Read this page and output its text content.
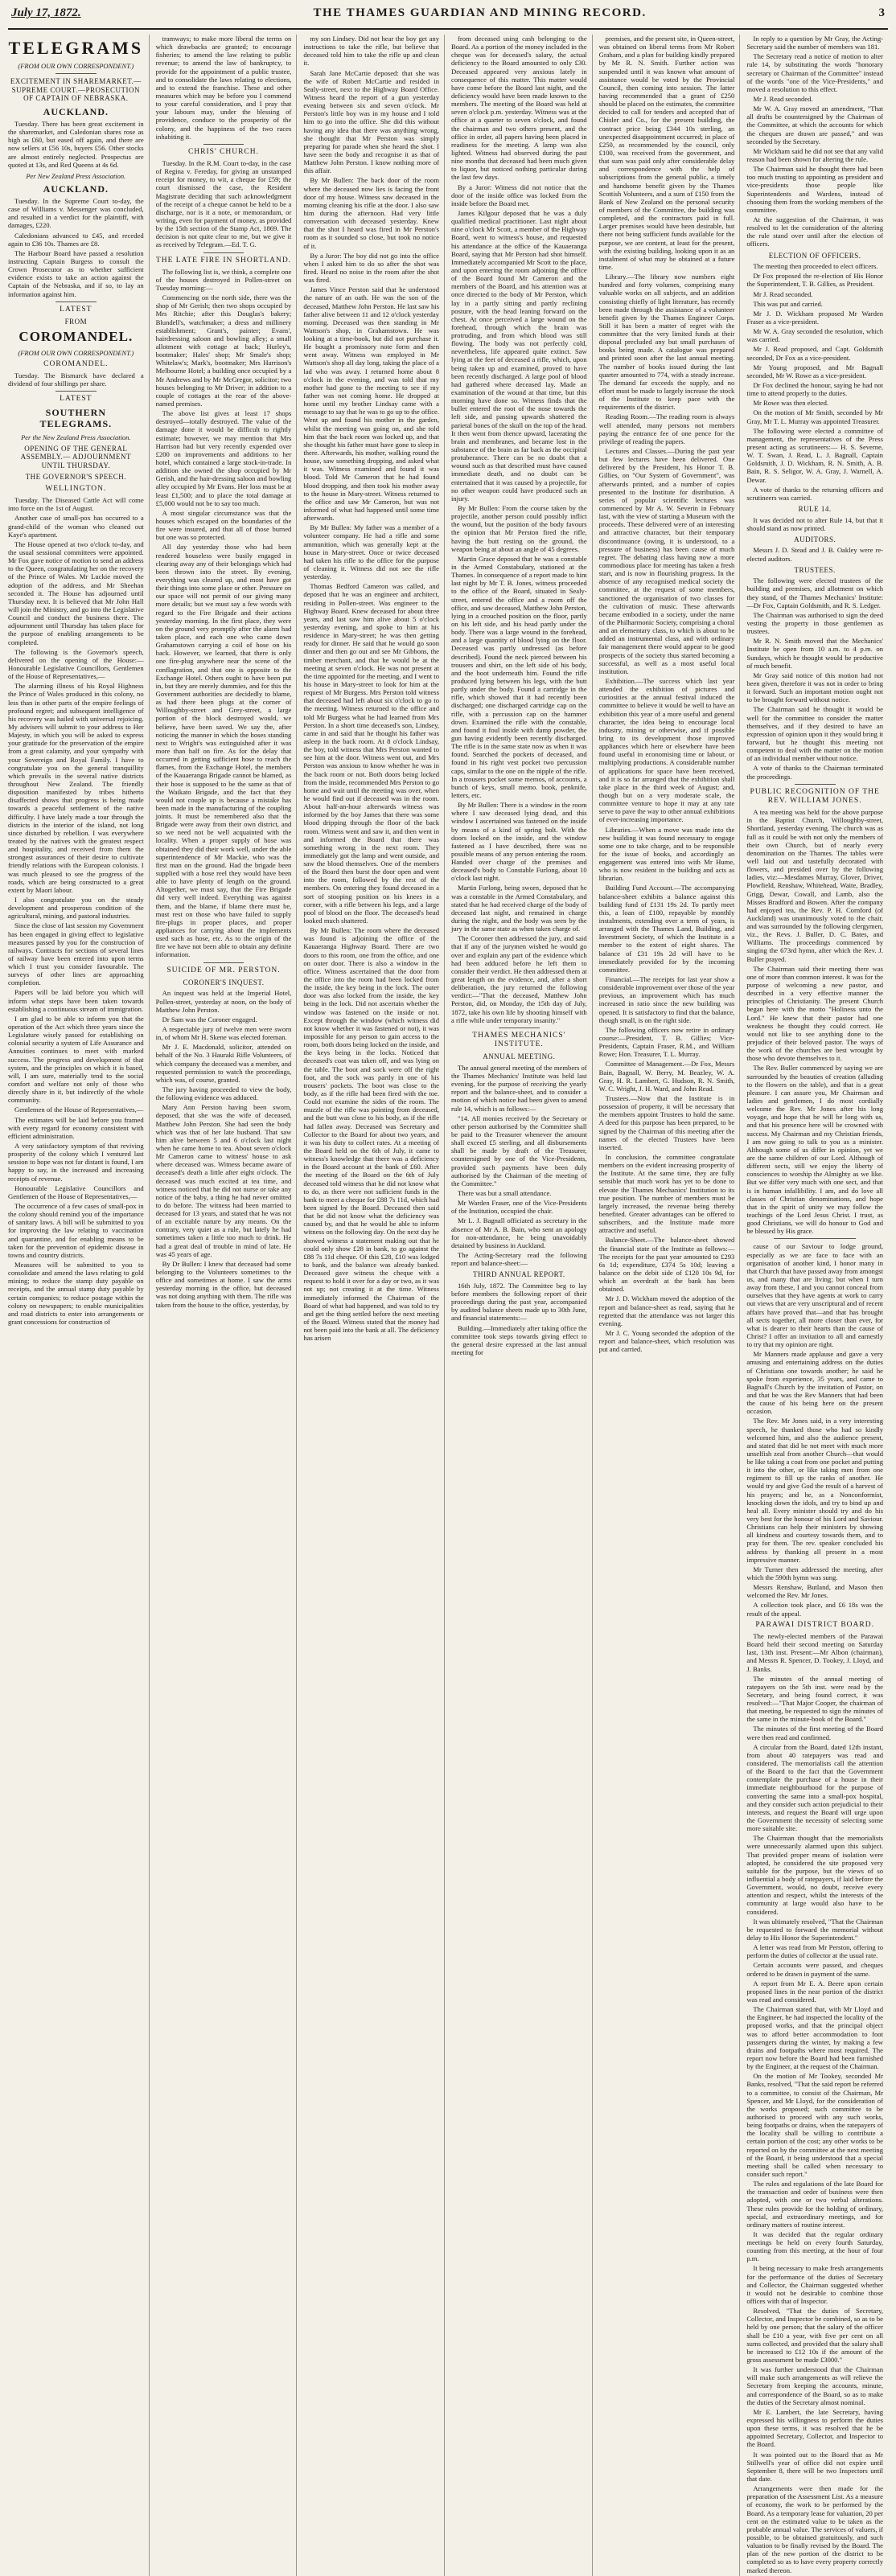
July 17, 1872.	THE THAMES GUARDIAN AND MINING RECORD.	3
TELEGRAMS
(FROM OUR OWN CORRESPONDENT.)
EXCITEMENT IN SHAREMARKET.— SUPREME COURT.—PROSECUTION OF CAPTAIN OF NEBRASKA.
AUCKLAND.

Tuesday. There has been great excitement in the sharemarket, and Caledonian shares rose as high as £60, but eased off again, and there are now sellers at £56 10s, buyers £56. Other stocks are almost entirely neglected. Prospectus are quoted at 13s, and Red Queens at 4s 6d.

Per New Zealand Press Association.
AUCKLAND.

Tuesday. In the Supreme Court to-day, the case of Williams v. Messenger was concluded, and resulted in a verdict for the plaintiff, with damages, £220.

Caledonians advanced to £45, and receded again to £36 10s. Thames are £8.

The Harbour Board have passed a resolution instructing Captain Burgess to consult the Crown Prosecutor as to whether sufficient evidence exists to take an action against the Captain of the Nebraska, and if so, to lay an information against him.

LATEST
FROM
COROMANDEL.
(FROM OUR OWN CORRESPONDENT.)
COROMANDEL.

Tuesday. The Bismarck have declared a dividend of four shillings per share.

LATEST
SOUTHERN TELEGRAMS.
Per the New Zealand Press Association.
OPENING OF THE GENERAL ASSEMBLY.— ADJOURNMENT UNTIL THURSDAY.
THE GOVERNOR'S SPEECH.
WELLINGTON.

Tuesday. The Diseased Cattle Act will come into force on the 1st of August.

Another case of small-pox has occurred to a grand-child of the woman who cleaned out Kaye's apartment.

The House opened at two o'clock to-day, and the usual sessional committees were appointed. Mr Fox gave notice of motion to send an address to the Queen, congratulating her on the recovery of the Prince of Wales. Mr Luckie moved the adoption of the address, and Mr Sheehan seconded it. The House has adjourned until Thursday next. It is believed that Mr John Hall will join the Ministry, and go into the Legislative Council and conduct the business there. The adjournment until Thursday has taken place for the purpose of enabling arrangements to be completed.

The following is the Governor's speech, delivered on the opening of the House:— Honourable Legislative Councillors, Gentlemen of the House of Representatives,—

The alarming illness of his Royal Highness the Prince of Wales produced in this colony, no less than in other parts of the empire feelings of profound regret; and subsequent intelligence of his recovery was hailed with universal rejoicing. My advisers will submit to your address to Her Majesty, in which you will be asked to express your gratitude for the preservation of the empire from a great calamity, and your sympathy with your Sovereign and Royal Family. I have to congratulate you on the general tranquillity which prevails in the several native districts throughout New Zealand. The friendly disposition manifested by tribes hitherto disaffected shows that progress is being made towards a peaceful settlement of the native difficulty. I have lately made a tour through the districts in the interior of the island, not long since disturbed by rebellion. I was everywhere treated by the natives with the greatest respect and hospitality, and received from them the strongest assurances of their desire to cultivate friendly relations with the European colonists. I was much pleased to see the progress of the roads, which are being constructed to a great extent by Maori labour.

I also congratulate you on the steady development and prosperous condition of the agricultural, mining, and pastoral industries.

Since the close of last session my Government has been engaged in giving effect to legislative measures passed by you for the construction of railways. Contracts for sections of several lines of railway have been entered into upon terms which I trust you consider favourable. The surveys of other lines are approaching completion.

Papers will be laid before you which will inform what steps have been taken towards establishing a continuous stream of immigration.

I am glad to be able to inform you that the operation of the Act which three years since the Legislature wisely passed for establishing on colonial security a system of Life Assurance and Annuities continues to meet with marked success. The progress and development of that system, and the principles on which it is based, will, I am sure, materially tend to the social comfort and welfare not only of those who directly share in it, but indirectly of the whole community.

Gentlemen of the House of Representatives,—

The estimates will be laid before you framed with every regard for economy consistent with efficient administration.

A very satisfactory symptom of that reviving prosperity of the colony which I ventured last session to hope was not far distant is found, I am happy to say, in the increased and increasing receipts of revenue.

Honourable Legislative Councillors and Gentlemen of the House of Representatives,—

The occurrence of a few cases of small-pox in the colony should remind you of the importance of sanitary laws. A bill will be submitted to you for improving the law relating to vaccination and quarantine, and for enabling means to be taken for the prevention of epidemic disease in towns and country districts.

Measures will be submitted to you to consolidate and amend the laws relating to gold mining; to reduce the stamp duty payable on receipts, and the annual stamp duty payable by certain companies; to reduce postage within the colony on newspapers; to enable municipalities and road districts to enter into arrangements or grant concessions for construction of

tramways; to make more liberal the terms on which drawbacks are granted; to encourage fisheries; to amend the law relating to public revenue; to amend the law of bankruptcy, to provide for the appointment of a public trustee, and to consolidate the laws relating to elections, and to extend the franchise. These and other measures which may be before you I commend to your careful consideration, and I pray that your labours may, under the blessing of providence, conduce to the prosperity of the colony, and the happiness of the two races inhabiting it.

CHRIS' CHURCH.

Tuesday. In the R.M. Court to-day, in the case of Regina v. Fereday, for giving an unstamped receipt for money, to wit, a cheque for £59; the court dismissed the case, the Resident Magistrate deciding that such acknowledgment of the receipt of a cheque cannot be held to be a discharge, nor is it a note, or memorandum, or writing, even for payment of money, as provided by the 15th section of the Stamp Act, 1869. The decision is not quite clear to me, but we give it as received by Telegram.—Ed. T. G.

THE LATE FIRE IN SHORTLAND.

The following list is, we think, a complete one of the houses destroyed in Pollen-street on Tuesday morning:—

Commencing on the north side, there was the shop of Mr Gerish; then two shops occupied by Mrs Ritchie; after this Douglas's bakery; Blundell's, watchmaker; a dress and millinery establishment; Grant's, painter; Evans', hairdressing saloon and bowling alley; a small allotment with cottage at back; Hurley's, bootmaker; Hales' shop; Mr Smale's shop; Whitelaw's; Mark's, bootmaker; Mrs Harrison's Melbourne Hotel; a building once occupied by a Mr Andrews and by Mr McGregor, solicitor; two houses belonging to Mr Driver; in addition to a couple of cottages at the rear of the above-named premises.

The above list gives at least 17 shops destroyed—totally destroyed. The value of the damage done it would be difficult to rightly estimate; however, we may mention that Mrs Harrison had but very recently expended over £200 on improvements and additions to her hotel, which contained a large stock-in-trade. In addition she owned the shop occupied by Mr Gerish, and the hair-dressing saloon and bowling alley occupied by Mr Evans. Her loss must be at least £1,500; and to place the total damage at £5,000 would not be to say too much.

A most singular circumstance was that the houses which escaped on the boundaries of the fire were insured, and that all of those burned but one was so protected.

All day yesterday those who had been rendered houseless were busily engaged in clearing away any of their belongings which had been thrown into the street. By evening, everything was cleared up, and most have got their things into some place or other. Pressure on our space will not permit of our giving many more details; but we must say a few words with regard to the Fire Brigade and their actions yesterday morning. In the first place, they were on the ground very promptly after the alarm had taken place, and each one who came down Grahamstown carrying a coil of hose on his back. However, we learned, that there is only one fire-plug anywhere near the scene of the conflagration, and that one is opposite to the Exchange Hotel. Others ought to have been put in, but they are merely dummies, and for this the Government authorities are decidedly to blame, as had there been plugs at the corner of Willoughby-street and Grey-street, a large portion of the block destroyed would, we believe, have been saved. We say the, after noticing the manner in which the hoses standing next to Wright's was extinguished after it was more than half on fire. As for the delay that occurred in getting sufficient hose to reach the flames, from the Exchange Hotel, the members of the Kauaeranga Brigade cannot be blamed, as their hose is supposed to be the same as that of the Waikato Brigade, and the fact that they would not couple up is because a mistake has been made in the manufacturing of the coupling joints. It must be remembered also that the Brigade were away from their own district, and so we need not be well acquainted with the locality. When a proper supply of hose was obtained they did their work well, under the able superintendence of Mr Mackie, who was the first man on the ground. Had the brigade been supplied with a hose reel they would have been able to have plenty of length on the ground. Altogether, we must say, that the Fire Brigade did very well indeed. Everything was against them, and the blame, if blame there must be, must rest on those who have failed to supply fire-plugs in proper places, and proper appliances for carrying about the implements used such as hose, etc. As to the origin of the fire we have not been able to obtain any definite information.

SUICIDE OF MR. PERSTON.
CORONER'S INQUEST.

An inquest was held at the Imperial Hotel, Pollen-street, yesterday at noon, on the body of Matthew John Perston.

Dr Sam was the Coroner engaged.

A respectable jury of twelve men were sworn in, of whom Mr H. Skene was elected foreman.

Mr J. E. Macdonald, solicitor, attended on behalf of the No. 3 Hauraki Rifle Volunteers, of which company the deceased was a member, and requested permission to watch the proceedings, which was, of course, granted.

The jury having proceeded to view the body, the following evidence was adduced.

Mary Ann Perston having been sworn, deposed, that she was the wife of deceased, Matthew John Perston. She had seen the body which was that of her late husband. That saw him alive between 5 and 6 o'clock last night when he came home to tea. About seven o'clock Mr Cameron came to witness' house to ask where deceased was. Witness became aware of deceased's death a little after eight o'clock. The deceased was much excited at tea time, and witness noticed that he did not nurse or take any notice of the baby, a thing he had never omitted to do before. The witness had been married to deceased for 13 years, and stated that he was not of an excitable nature by any means. On the contrary, very quiet as a rule, but lately he had sometimes taken a little too much to drink. He had a great deal of trouble in mind of late. He was 45 years of age.

By Dr Bullen: I knew that deceased had some belonging to the Volunteers sometimes to the office and sometimes at home. I saw the arms yesterday morning in the office, but deceased was not doing anything with them. The rifle was taken from the house to the office, yesterday, by

my son Lindsey. Did not hear the boy get any instructions to take the rifle, but believe that deceased told him to take the rifle up and clean it.

Sarah Jane McCartie deposed: that she was the wife of Robert McCartie and resided in Sealy-street, next to the Highway Board Office. Witness heard the report of a gun yesterday evening between six and seven o'clock. Mr Perston's little boy was in my house and I told him to go into the office. She did this without having any idea that there was anything wrong, she thought that Mr Perston was simply preparing for parade when she heard the shot. I have seen the body and recognise it as that of Matthew John Perston. I know nothing more of this affair.

By Mr Bullen: The back door of the room where the deceased now lies is facing the front door of my house. Witness saw deceased in the morning cleaning his rifle at the door. I also saw him during the afternoon. Had very little conversation with deceased yesterday. Knew that the shot I heard was fired in Mr Perston's room as it sounded so close, but took no notice of it.

By a Juror: The boy did not go into the office when I asked him to do so after the shot was fired. Heard no noise in the room after the shot was fired.

James Vince Perston said that he understood the nature of an oath. He was the son of the deceased, Matthew John Perston. He last saw his father alive between 11 and 12 o'clock yesterday morning. Deceased was then standing in Mr Wattson's shop, in Grahamstown. He was looking at a time-book, but did not purchase it. He bought a promissory note form and then went away. Witness was employed in Mr Wattson's shop all day long, taking the place of a lad who was away. I returned home about 8 o'clock in the evening, and was told that my mother had gone to the meeting to see if my father was not coming home. He dropped at home until my brother Lindsay came with a message to say that he was to go up to the office. Went up and found his mother in the garden, whilst the meeting was going on, and she told him that the back room was locked up, and that she thought his father must have gone to sleep in there. Afterwards, his mother, walking round the house, saw something dropping, and asked what it was. Witness examined and found it was blood. Told Mr Cameron that he had found blood dropping, and then took his mother away to the house in Mary-street. Witness returned to the office and saw Mr Cameron, but was not informed of what had happened until some time afterwards.

By Mr Bullen: My father was a member of a volunteer company. He had a rifle and some ammunition, which was generally kept at the house in Mary-street. Once or twice deceased had taken his rifle to the office for the purpose of cleaning it. Witness did not see the rifle yesterday.

Thomas Bedford Cameron was called, and deposed that he was an engineer and architect, residing in Pollen-street. Was engineer to the Highway Board. Knew deceased for about three years, and last saw him alive about 5 o'clock yesterday evening, and spoke to him at his residence in Mary-street; he was then getting ready for dinner. He said that he would go soon dinner and then go out and see Mr Gibbons, the timber merchant, and that he would be at the meeting at seven o'clock. He was not present at the time appointed for the meeting, and I went to his house in Mary-street to look for him at the request of Mr Burgess. Mrs Perston told witness that deceased had left about six o'clock to go to the meeting. Witness returned to the office and told Mr Burgess what he had learned from Mrs Perston. In a short time deceased's son, Lindsey, came in and said that he thought his father was asleep in the back room. At 8 o'clock Lindsay, the boy, told witness that Mrs Perston wanted to see him at the door. Witness went out, and Mrs Perston was anxious to know whether he was in the back room or not. Both doors being locked from the inside, recommended Mrs Perston to go home and wait until the meeting was over, when he would find out if deceased was in the room. About half-an-hour afterwards witness was informed by the boy James that there was some blood dripping through the floor of the back room. Witness went and saw it, and then went in and informed the Board that there was something wrong in the next room. They immediately got the lamp and went outside, and saw the blood themselves. One of the members of the Board then burst the door open and went into the room, followed by the rest of the members. On entering they found deceased in a sort of stooping position on his knees in a corner, with a rifle between his legs, and a large pool of blood on the floor. The deceased's head looked much shattered.

By Mr Bullen: The room where the deceased was found is adjoining the office of the Kauaeranga Highway Board. There are two doors to this room, one from the office, and one on outer door. There is also a window in the office. Witness ascertained that the door from the office into the room had been locked from the inside, the key being in the lock. The outer door was also locked from the inside, the key being in the lock. Did not ascertain whether the window was fastened on the inside or not. Except through the window (which witness did not know whether it was fastened or not), it was impossible for any person to gain access to the room, both doors being locked on the inside, and the keys being in the locks. Noticed that deceased's coat was taken off, and was lying on the table. The boot and sock were off the right foot, and the sock was partly in one of his trousers' pockets. The boot was close to the body, as if the rifle had been fired with the toe. Could not examine the sides of the room. The muzzle of the rifle was pointing from deceased, and the butt was close to his body, as if the rifle had fallen away. Deceased was Secretary and Collector to the Board for about two years, and it was his duty to collect rates. At a meeting of the Board held on the 6th of July, it came to witness's knowledge that there was a deficiency in the Board account at the bank of £60. After the meeting of the Board on the 6th of July deceased told witness that he did not know what to do, as there were not sufficient funds in the bank to meet a cheque for £88 7s 11d, which had been signed by the Board. Deceased then said that he did not know what the deficiency was caused by, and that he would be able to inform witness on the following day. On the next day he showed witness a statement making out that he could only show £28 in bank, to go against the £88 7s 11d cheque. Of this £28, £10 was lodged to bank, and the balance was already banked. Deceased gave witness the cheque with a request to hold it over for a day or two, as it was not up; not creating it at the time. Witness immediately informed the Chairman of the Board of what had happened, and was told to try and get the thing settled before the next meeting of the Board. Witness stated that the money had not been paid into the bank at all. The deficiency has arisen

from deceased using cash belonging to the Board. As a portion of the money included in the cheque was for deceased's salary, the actual deficiency to the Board amounted to only £30. Deceased appeared very anxious lately in consequence of this matter. This matter would have come before the Board last night, and the deficiency would have been made known to the members. The meeting of the Board was held at seven o'clock p.m. yesterday. Witness was at the office at a quarter to seven o'clock, and found the chairman and two others present, and the office in order, all papers having been placed in readiness for the meeting. A lamp was also lighted. Witness had observed during the past nine months that deceased had been much given to liquor, but noticed nothing particular during the last few days.

By a Juror: Witness did not notice that the door of the inside office was locked from the inside before the Board met.

James Kilgour deposed that he was a duly qualified medical practitioner. Last night about nine o'clock Mr Scott, a member of the Highway Board, went to witness's house, and requested his attendance at the office of the Kauaeranga Board, saying that Mr Perston had shot himself. Immediately accompanied Mr Scott to the place, and upon entering the room adjoining the office of the Board found Mr Cameron and the members of the Board, and his attention was at once directed to the body of Mr Perston, which lay in a partly sitting and partly reclining posture, with the head leaning forward on the chest. At once perceived a large wound on the forehead, through which the brain was protruding, and from which blood was still flowing. The body was not perfectly cold, nevertheless, life appeared quite extinct. Saw lying at the feet of deceased a rifle, which, upon being taken up and examined, proved to have been recently discharged. A large pool of blood had gathered where deceased lay. Made an examination of the wound at that time, but this morning have done so. Witness finds that the bullet entered the root of the nose towards the left side, and passing upwards shattered the parietal bones of the skull on the top of the head. It then went from thence upward, lacerating the brain and membranes, and became lost in the substance of the brain as far back as the occipital protuberance. There can be no doubt that a wound such as that described must have caused immediate death, and no doubt can be entertained that it was caused by a projectile, for no other weapon could have produced such an injury.

By Mr Bullen: From the course taken by the projectile, another person could possibly inflict the wound, but the position of the body favours the opinion that Mr Perston fired the rifle, having the butt resting on the ground, the weapon being at about an angle of 45 degrees.

Martin Grace deposed that he was a constable in the Armed Constabulary, stationed at the Thames. In consequence of a report made to him last night by Mr T. B. Jones, witness proceeded to the office of the Board, situated in Sealy-street, entered the office and a room off the office, and saw deceased, Matthew John Perston, lying in a crouched position on the floor, partly on his left side, and his head partly under the body. There was a large wound in the forehead, and a large quantity of blood lying on the floor. Deceased was partly undressed (as before described). Found the neck pierced between his trousers and shirt, on the left side of his body, and the boot underneath him. Found the rifle produced lying between his legs, with the butt partly under the body. Found a cartridge in the rifle, which showed that it had recently been discharged; one discharged cartridge cap on the rifle, with a percussion cap on the hammer down. Examined the rifle with the constable, and found it foul inside with damp powder, the gun having evidently been recently discharged. The rifle is in the same state now as when it was found. Searched the pockets of deceased, and found in his right vest pocket two percussion caps, similar to the one on the nipple of the rifle. In a trousers pocket some memos, of accounts, a bunch of keys, small memo. book, penknife, letters, etc.

By Mr Bullen: There is a window in the room where I saw deceased lying dead, and this window I ascertained was fastened on the inside by means of a kind of spring bolt. With the doors locked on the inside, and the window fastened as I have described, there was no possible means of any person entering the room. Handed over charge of the premises and deceased's body to Constable Furlong, about 10 o'clock last night.

Martin Furlong, being sworn, deposed that he was a constable in the Armed Constabulary, and stated that he had received charge of the body of deceased last night, and remained in charge during the night, and the body was seen by the jury in the same state as when taken charge of.

The Coroner then addressed the jury, and said that if any of the jurymen wished he would go over and explain any part of the evidence which had been adduced before he left them to consider their verdict. He then addressed them at great length on the evidence, and, after a short deliberation, the jury returned the following verdict:—"That the deceased, Matthew John Perston, did, on Monday, the 15th day of July, 1872, take his own life by shooting himself with a rifle while under temporary insanity."

THAMES MECHANICS' INSTITUTE.
ANNUAL MEETING.

The annual general meeting of the members of the Thames Mechanics' Institute was held last evening, for the purpose of receiving the yearly report and the balance-sheet, and to consider a motion of which notice had been given to amend rule 14, which is as follows:—

"14. All monies received by the Secretary or other person authorised by the Committee shall be paid to the Treasurer whenever the amount shall exceed £5 sterling, and all disbursements shall be made by draft of the Treasurer, countersigned by one of the Vice-Presidents, provided such payments have been duly authorised by the Chairman of the meeting of the Committee."

There was but a small attendance.

Mr Warden Fraser, one of the Vice-Presidents of the Institution, occupied the chair.

Mr L. J. Bagnall officiated as secretary in the absence of Mr A. B. Bain, who sent an apology for non-attendance, he being unavoidably detained by business in Auckland.

The Acting-Secretary read the following report and balance-sheet:—

THIRD ANNUAL REPORT.

16th July, 1872. The Committee beg to lay before members the following report of their proceedings during the past year, accompanied by audited balance sheets made up to 30th June, and financial statements:—

Building.—Immediately after taking office the committee took steps towards giving effect to the general desire expressed at the last annual meeting for

premises, and the present site, in Queen-street, was obtained on liberal terms from Mr Robert Graham, and a plan for building kindly prepared by Mr R. N. Smith. Further action was suspended until it was known what amount of assistance would be voted by the Provincial Council, then coming into session. The latter having recommended that a grant of £250 should be placed on the estimates, the committee decided to call for tenders and accepted that of Chisler and Co., for the present building, the contract price being £344 10s sterling, an unexpected disappointment occurred; in place of £250, as recommended by the council, only £100, was received from the government, and that sum was paid only after considerable delay and correspondence with the help of subscriptions from the general public, a timely and handsome benefit given by the Thames Scottish Volunteers, and a sum of £150 from the Bank of New Zealand on the personal security of members of the Committee, the building was completed, and the contractors paid in full. Larger premises would have been desirable, but there not being sufficient funds available for the purpose, we are content, at least for the present, with the existing building, looking upon it as an instalment of what may be obtained at a future time.

Library.—The library now numbers eight hundred and forty volumes, comprising many valuable works on all subjects, and an addition consisting chiefly of light literature, has recently been made through the assistance of a volunteer benefit given by the Thames Engineer Corps. Still it has been a matter of regret with the committee that the very limited funds at their disposal precluded any but small purchases of books being made. A catalogue was prepared and printed soon after the last annual meeting. The number of books issued during the last quarter amounted to 774, with a steady increase. The demand far exceeds the supply, and no effort must be made to largely increase the stock of the Institute to keep pace with the requirements of the district.

Reading Room.—The reading room is always well attended, many persons not members paying the entrance fee of one pence for the privilege of reading the papers.

Lectures and Classes.—During the past year but few lectures have been delivered. One delivered by the President, his Honor T. B. Gillies, on "Our System of Government", was afterwards printed, and a number of copies presented to the Institute for distribution. A series of popular scientific lectures was commenced by Mr A. W. Severin in February last, with the view of starting a Museum with the proceeds. These delivered were of an interesting and attractive character, but their temporary discontinuance (owing, it is understood, to a pressure of business) has been cause of much regret. The debating class having now a more commodious place for meeting has taken a fresh start, and is now in flourishing progress. In the absence of any recognised medical society the committee, at the request of some members, sanctioned the organisation of two classes for the cultivation of music. These afterwards became embodied in a society, under the name of the Philharmonic Society, comprising a choral and an elementary class, to which is about to be added an instrumental class, and with ordinary fair management there would appear to be good prospects of the society thus started becoming a successful, as well as a most useful local institution.

Exhibition.—The success which last year attended the exhibition of pictures and curiosities at the annual festival induced the committee to believe it would be well to have an exhibition this year of a more useful and general character, the idea being to encourage local industry, mining or otherwise, and if possible bring to its development those improved appliances which here or elsewhere have been found useful in economising time or labour, or multiplying productions. A considerable number of applications for space have been received, and it is so far arranged that the exhibition shall take place in the third week of August; and, though but on a very moderate scale, the committee venture to hope it may at any rate serve to pave the way to other annual exhibitions of ever-increasing importance.

Libraries.—When a move was made into the new building it was found necessary to engage some one to take charge, and to be responsible for the issue of books, and accordingly an engagement was entered into with Mr Hume, who is now resident in the building and acts as librarian.

Building Fund Account.—The accompanying balance-sheet exhibits a balance against this building fund of £131 19s 2d. To partly meet this, a loan of £100, repayable by monthly instalments, extending over a term of years, is arranged with the Thames Land, Building, and Investment Society, of which the Institute is a member to the extent of eight shares. The balance of £31 19s 2d will have to be immediately provided for by the incoming committee.

Financial.—The receipts for last year show a considerable improvement over those of the year previous, an improvement which has much increased in ratio since the new building was opened. It is satisfactory to find that the balance, though small, is on the right side.

The following officers now retire in ordinary course:—President, T. B. Gillies; Vice-Presidents, Captain Fraser, R.M., and William Rowe; Hon. Treasurer, T. L. Murray.

Committee of Management.—Dr Fox, Messrs Bain, Bagnall, W. Berry, M. Beazley, W. A. Gray, H. R. Lambert, G. Hudson, R. N. Smith, W. C. Wright, J. H. Ward, and John Read.

Trustees.—Now that the Institute is in possession of property, it will be necessary that the members appoint Trustees to hold the same. A deed for this purpose has been prepared, to be signed by the Chairman of this meeting after the names of the elected Trustees have been inserted.

In conclusion, the committee congratulate members on the evident increasing prosperity of the Institute. At the same time, they are fully sensible that much work has yet to be done to elevate the Thames Mechanics' Institution to its true position. The number of members must be largely increased, the revenue being thereby benefited. Greater advantages can be offered to subscribers, and the Institute made more attractive and useful.

Balance-Sheet.—The balance-sheet showed the financial state of the Institute as follows:—The receipts for the past year amounted to £293 6s 1d; expenditure, £374 5s 10d; leaving a balance on the debit side of £120 10s 9d, for which an overdraft at the bank has been obtained.

Mr J. D. Wickham moved the adoption of the report and balance-sheet as read, saying that he regretted that the attendance was not larger this evening.

Mr J. C. Young seconded the adoption of the report and balance-sheet, which resolution was put and carried.

In reply to a question by Mr Gray, the Acting-Secretary said the number of members was 181.

The Secretary read a notice of motion to alter rule 14, by substituting the words "honorary secretary or Chairman of the Committee" instead of the words "one of the Vice-Presidents," and moved a resolution to this effect.

Mr J. Read seconded.

Mr W. A. Gray moved an amendment, "That all drafts be countersigned by the Chairman of the Committee, at which the accounts for which the cheques are drawn are passed," and was seconded by the Secretary.

Mr Wickham said he did not see that any valid reason had been shown for altering the rule.

The Chairman said he thought there had been too much trusting to appointing as president and vice-presidents those people like Superintendents and Wardens, instead of choosing them from the working members of the committee.

At the suggestion of the Chairman, it was resolved to let the consideration of the altering the rule stand over until after the election of officers.

ELECTION OF OFFICERS.

The meeting then proceeded to elect officers.

Dr Fox proposed the re-election of His Honor the Superintendent, T. B. Gillies, as President.

Mr J. Read seconded.

This was put and carried.

Mr J. D. Wickham proposed Mr Warden Fraser as a vice-president.

Mr W. A. Gray seconded the resolution, which was carried.

Mr J. Read proposed, and Capt. Goldsmith seconded, Dr Fox as a vice-president.

Mr Young proposed, and Mr Bagnall seconded, Mr W. Rowe as a vice-president.

Dr Fox declined the honour, saying he had not time to attend properly to the duties.

Mr Rowe was then elected.

On the motion of Mr Smith, seconded by Mr Gray, Mr T. L. Murray was appointed Treasurer.

The following were elected a committee of management, the representatives of the Press present acting as scrutineers:— H. S. Severne, W. T. Swan, J. Read, L. J. Bagnall, Captain Goldsmith, J. D. Wickham, R. N. Smith, A. B. Bain, R. S. Seligor, W. A. Gray, J. Warnell, A. Dewar.

A vote of thanks to the returning officers and scrutineers was carried.

RULE 14.

It was decided not to alter Rule 14, but that it should stand as now printed.

AUDITORS.

Messrs J. D. Stead and J. B. Oakley were re-elected auditors.

TRUSTEES.

The following were elected trustees of the building and premises, and allotment on which they stand, of the Thames Mechanics' Institute:—Dr Fox, Captain Goldsmith, and R. S. Ledger.

The Chairman was authorised to sign the deed vesting the property in those gentlemen as trustees.

Mr R. N. Smith moved that the Mechanics' Institute be open from 10 a.m. to 4 p.m. on Sundays, which he thought would be productive of much benefit.

Mr Gray said notice of this motion had not been given, therefore it was not in order to bring it forward. Such an important motion ought not to be brought forward without notice.

The Chairman said he thought it would be well for the committee to consider the matter themselves, and if they desired to have an expression of opinion upon it they would bring it forward, but he thought this meeting not competent to deal with the matter on the motion of an individual member without notice.

A vote of thanks to the Chairman terminated the proceedings.

PUBLIC RECOGNITION OF THE REV. WILLIAM JONES.

A tea meeting was held for the above purpose in the Baptist Church, Willoughby-street, Shortland, yesterday evening. The church was as full as it could be with not only the members of their own Church, but of nearly every denomination on the Thames. The tables were well laid out and tastefully decorated with flowers, and presided over by the following ladies, viz:—Mesdames Murray, Glover, Driver, Plowfield, Renshaw, Whitehead, Waite, Bradley, Grigg, Dewar, Cowall, and Lamb, also the Misses Bradford and Bowen. After the company had enjoyed tea, the Rev. P. H. Cornford (of Auckland) was unanimously voted to the chair, and was surrounded by the following clergymen, viz., the Revs. J. Buller, D. C. Bates, and Williams. The proceedings commenced by singing the 673rd hymn, after which the Rev. J. Buller prayed.

The Chairman said their meeting there was one of more than common interest. It was for the purpose of welcoming a new pastor, and described in a very effective manner the principles of Christianity. The present Church began here with the motto "Holiness unto the Lord." He knew that their pastor had one weakness he thought they could correct. He would not like to see anything done to the prejudice of their beloved pastor. The ways of the work of the churches are best wrought by those who devote themselves to it.

The Rev. Buller commenced by saying we are surrounded by the beauties of creation (alluding to the flowers on the table), and that is a great pleasure. I can assure you, Mr Chairman and ladies and gentlemen, I do most cordially welcome the Rev. Mr Jones after his long voyage, and hope that he will be long with us, and that his presence here will be crowned with success. My Chairman and my Christian friends, I am now going to talk to you as a minister. Although some of us differ in opinion, yet we are the same children of our Lord. Although of different sects, still we enjoy the liberty of consciences to worship the Almighty as we like. But we differ very much with one sect, and that is in human infallibility. I am, and do love all classes of Christian denominations, and hope that in the spirit of unity we may follow the teachings of the Lord Jesus Christ. I trust, as good Christians, we will do honour to God and be blessed by His grace.

cause of our Saviour to lodge ground, especially as we are face to face with an organisation of another kind, I honor many in that Church that have passed away from amongst us, and many that are living; but when I turn away from these, I and you cannot conceal from ourselves that they have agents at work to carry out views that are very unscriptural and of recent affairs have proved that—and that has brought all sects together, all more closer than ever, for what is dearer to their hearts than the cause of Christ? I offer an invitation to all and earnestly to try that my opinion are right.

Mr Manners made applause and gave a very amusing and entertaining address on the duties of Christians one towards another; he said he spoke from experience, 35 years, and came to Bagnall's Church by the invitation of Pastor, on and that he was the Rev Manners that had been the cause of his being here on the present occasion.

The Rev. Mr Jones said, in a very interesting speech, he thanked those who had so kindly welcomed him, and also the audience present, and stated that did he not meet with much more unselfish zeal from another Church—that would be like taking a coat from one pocket and putting it into the other, or like taking men from one regiment to fill up the ranks of another. He would try and give God the result of a harvest of his prayers; and he, as a Nonconformist, knocking down the idols, and try to bind up and heal all. Every minister should try and do his very best for the honour of his Lord and Saviour. Christians can help their ministers by showing all kindness and courtesy towards them, and to pray for them. The rev. speaker concluded his address by thanking all present in a most impressive manner.

Mr Turner then addressed the meeting, after which the 590th hymn was sung.

Messrs Renshaw, Butland, and Mason then welcomed the Rev. Mr Jones.

A collection took place, and £6 18s was the result of the appeal.

PARAWAI DISTRICT BOARD.

The newly-elected members of the Parawai Board held their second meeting on Saturday last, 13th inst. Present:—Mr Albon (chairman), and Messrs R. Spencer, D. Tookey, J. Lloyd, and J. Banks.

The minutes of the annual meeting of ratepayers on the 5th inst. were read by the Secretary, and being found correct, it was resolved:—"That Major Cooper, the chairman of that meeting, be requested to sign the minutes of the same in the minute-book of the Board."

The minutes of the first meeting of the Board were then read and confirmed.

A circular from the Board, dated 12th instant, from about 40 ratepayers was read and considered. The memorialists call the attention of the Board to the fact that the Government contemplate the purchase of a house in their immediate neighbourhood for the purpose of converting the same into a small-pox hospital, and they consider such action prejudicial to their interests, and request the Board will urge upon the Government the necessity of selecting some more suitable site.

The Chairman thought that the memorialists were unnecessarily alarmed upon this subject. That provided proper means of isolation were adopted, he considered the site proposed very suitable for the purpose, but the views of so influential a body of ratepayers, if laid before the Government, would, no doubt, receive every attention and respect, whilst the interests of the community at large would also have to be considered.

It was ultimately resolved, "That the Chairman be requested to forward the memorial without delay to His Honor the Superintendent."

A letter was read from Mr Perston, offering to perform the duties of collector at the usual rate.

Certain accounts were passed, and cheques ordered to be drawn in payment of the same.

A report from Mr E. A. Beere upon certain proposed lines in the near portion of the district was read and considered.

The Chairman stated that, with Mr Lloyd and the Engineer, he had inspected the locality of the proposed works, and that the principal object was to afford better accommodation to foot passengers during the winter, by making a few drains and footpaths where most required. The report now before the Board had been furnished by the Engineer, at the request of the Chairman.

On the motion of Mr Tookey, seconded Mr Banks, resolved, "That the said report be referred to a committee, to consist of the Chairman, Mr Spencer, and Mr Lloyd, for the consideration of the works proposed; such committee to be authorised to proceed with any such works, being footpaths or drains, when the ratepayers of the locality shall be willing to contribute a certain portion of the cost; any other works to be reported on by the committee at the next meeting of the Board, it being understood that a special meeting shall be called when necessary to consider such report."

The rules and regulations of the late Board for the transaction and order of business were then adopted, with one or two verbal alterations. These rules provide for the holding of ordinary, special, and extraordinary meetings, and for ordinary matters of routine interest.

It was decided that the regular ordinary meetings be held on every fourth Saturday, counting from this meeting, at the hour of four p.m.

It being necessary to make fresh arrangements for the performance of the duties of Secretary and Collector, the Chairman suggested whether it would not be desirable to combine those offices with that of Inspector.

Resolved, "That the duties of Secretary, Collector, and Inspector be combined, so as to be held by one person; that the salary of the officer shall be £10 a year, with five per cent on all sums collected, and provided that the salary shall be increased to £12 10s if the amount of the gross assessment be made £3000."

It was further understood that the Chairman will make such arrangements as will relieve the Secretary from keeping the accounts, minute, and correspondence of the Board, so as to make the duties of the Secretary almost nominal.

Mr E. Lambert, the late Secretary, having expressed his willingness to perform the duties upon these terms, it was resolved that he be appointed Secretary, Collector, and Inspector to the Board.

It was pointed out to the Board that as Mr Stillwell's year of office did not expire until September 8, there will be two Inspectors until that date.

Arrangements were then made for the preparation of the Assessment List. As a measure of economy, the work to be performed by the Board. As a temporary lease for valuation, 20 per cent on the estimated value to be taken as the probable annual value. The services of valuers, if possible, to be obtained gratuitously, and such valuation to be finally revised by the Board. The plan of the new portion of the district to be completed so as to have every property correctly marked thereon.
